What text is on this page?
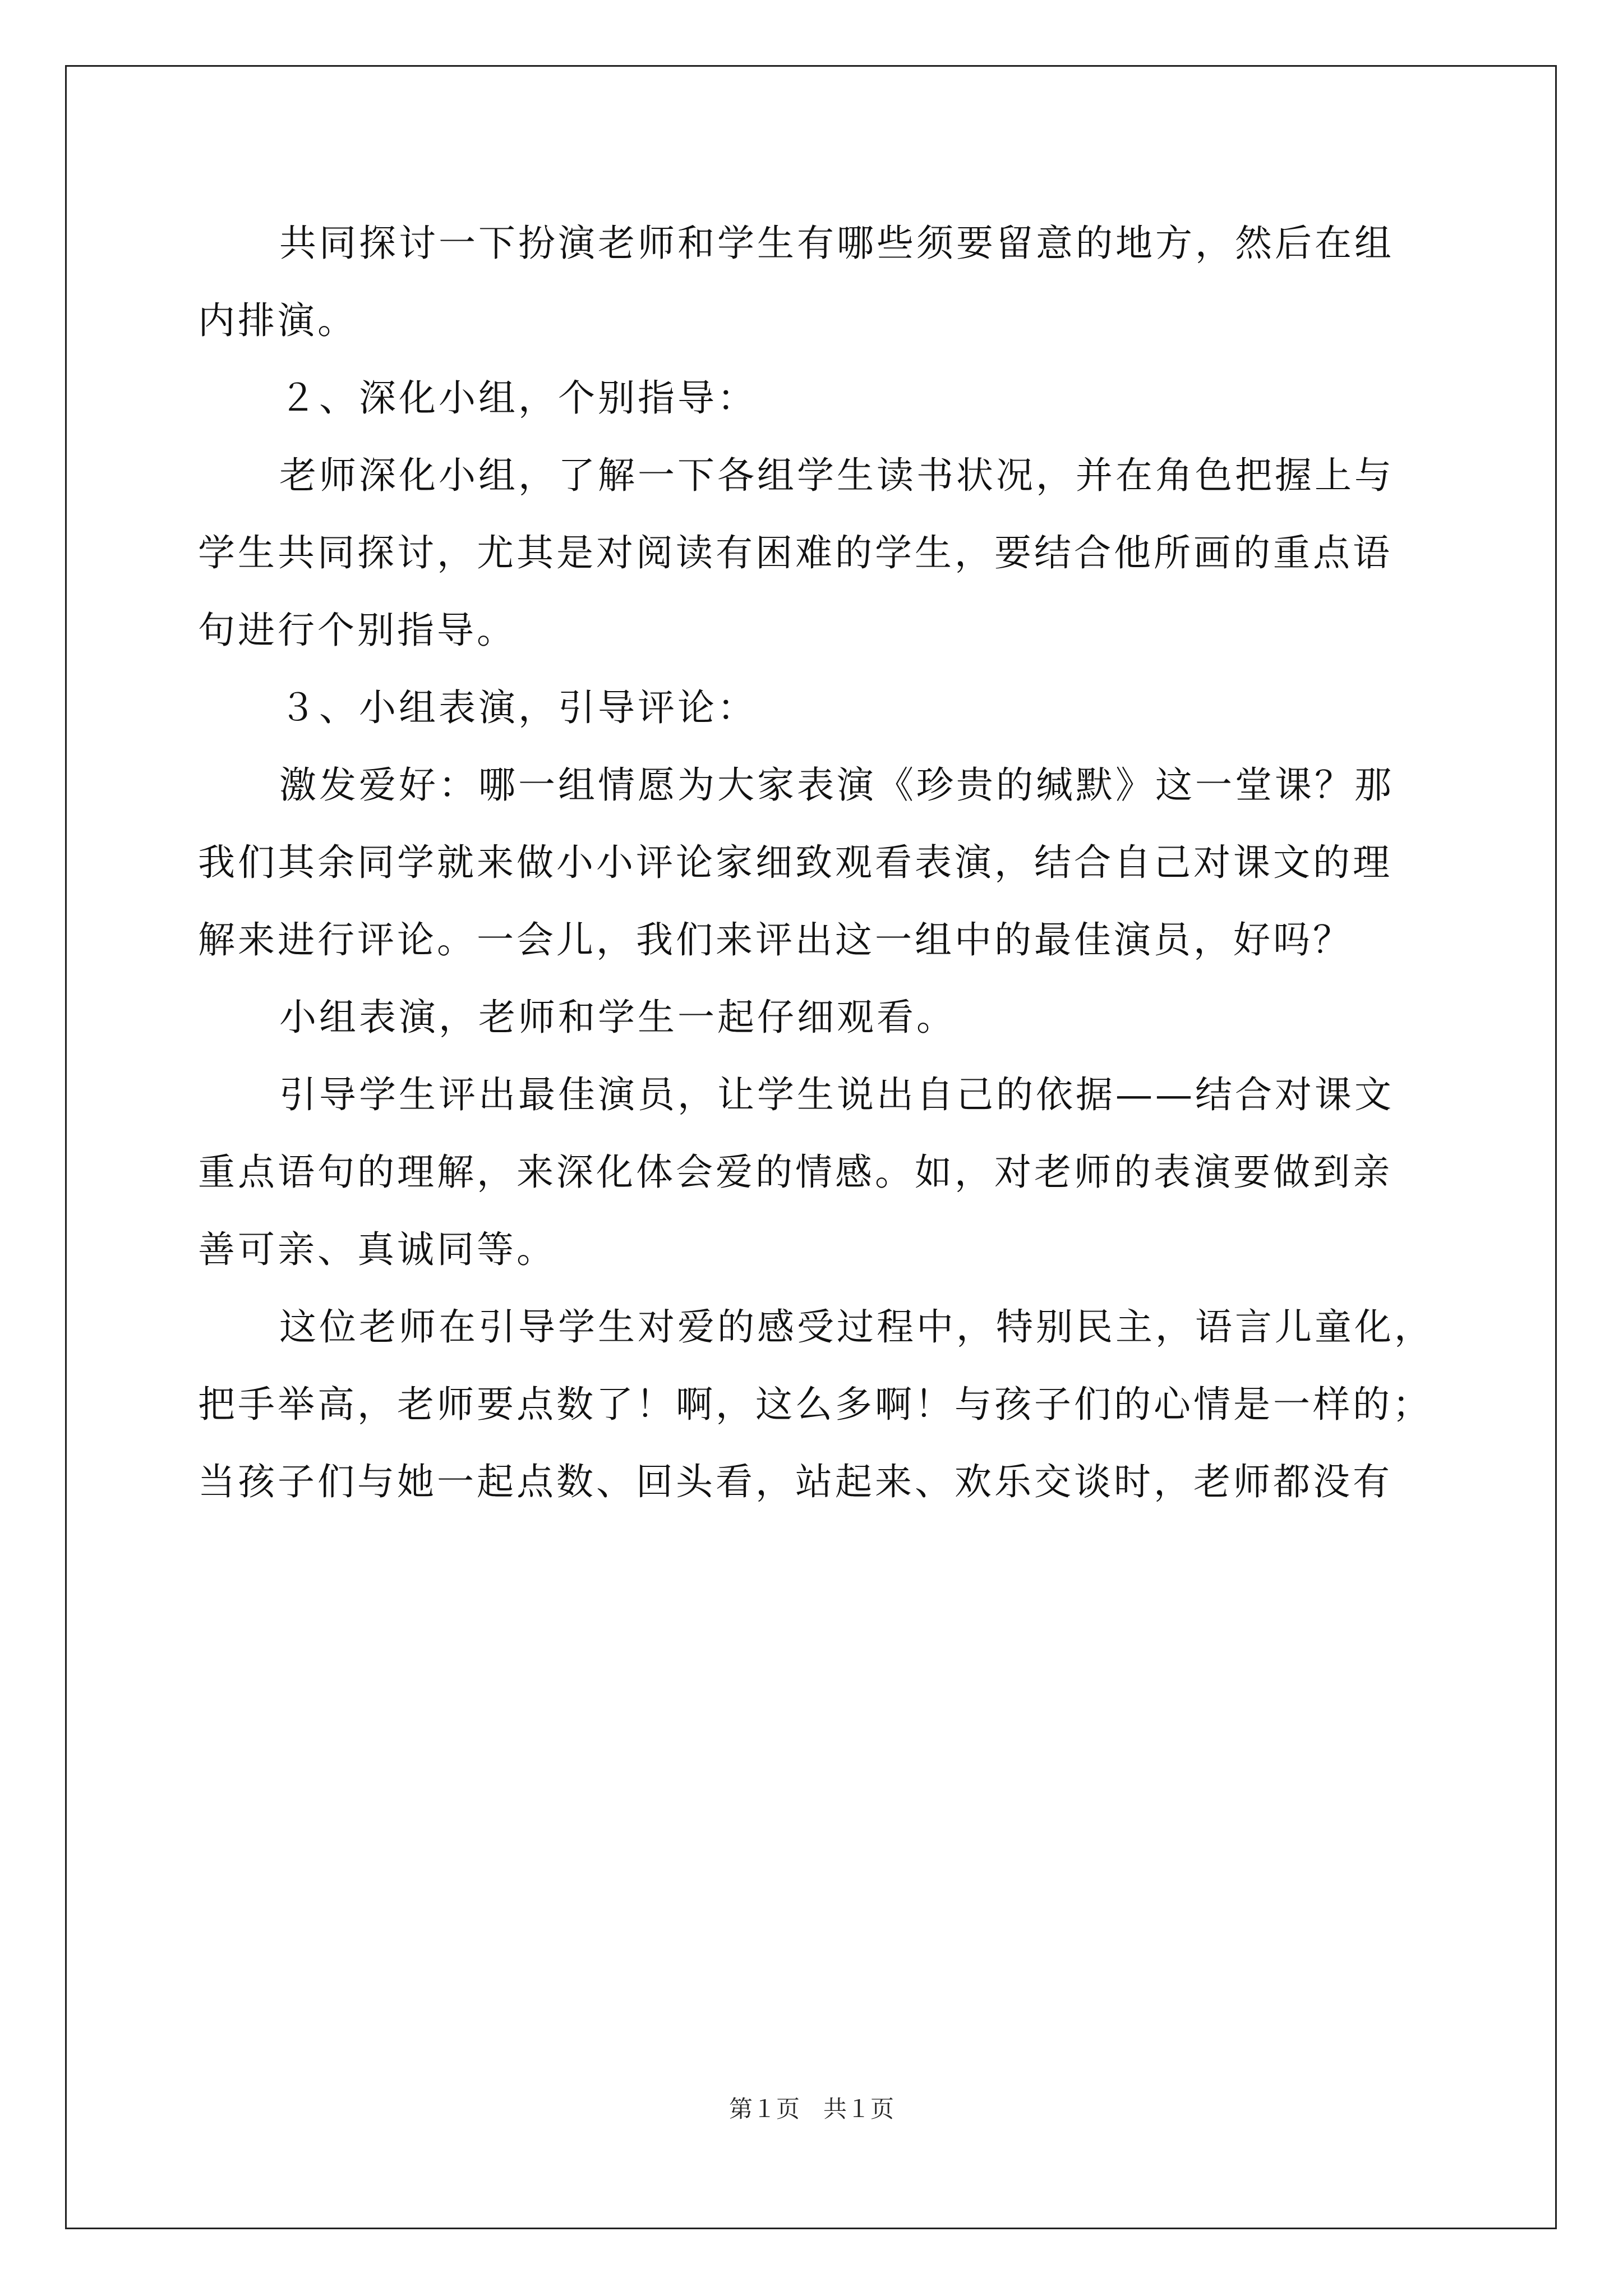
共同探讨一下扮演老师和学生有哪些须要留意的地方，然后在组
内排演。
２、深化小组，个别指导：
老师深化小组，了解一下各组学生读书状况，并在角色把握上与
学生共同探讨，尤其是对阅读有困难的学生，要结合他所画的重点语
句进行个别指导。
３、小组表演，引导评论：
激发爱好：哪一组情愿为大家表演《珍贵的缄默》这一堂课？那
我们其余同学就来做小小评论家细致观看表演，结合自己对课文的理
解来进行评论。一会儿，我们来评出这一组中的最佳演员，好吗？
小组表演，老师和学生一起仔细观看。
引导学生评出最佳演员，让学生说出自己的依据——结合对课文
重点语句的理解，来深化体会爱的情感。如，对老师的表演要做到亲
善可亲、真诚同等。
这位老师在引导学生对爱的感受过程中，特别民主，语言儿童化，
把手举高，老师要点数了！啊，这么多啊！与孩子们的心情是一样的；
当孩子们与她一起点数、回头看，站起来、欢乐交谈时，老师都没有
第１页　共１页
